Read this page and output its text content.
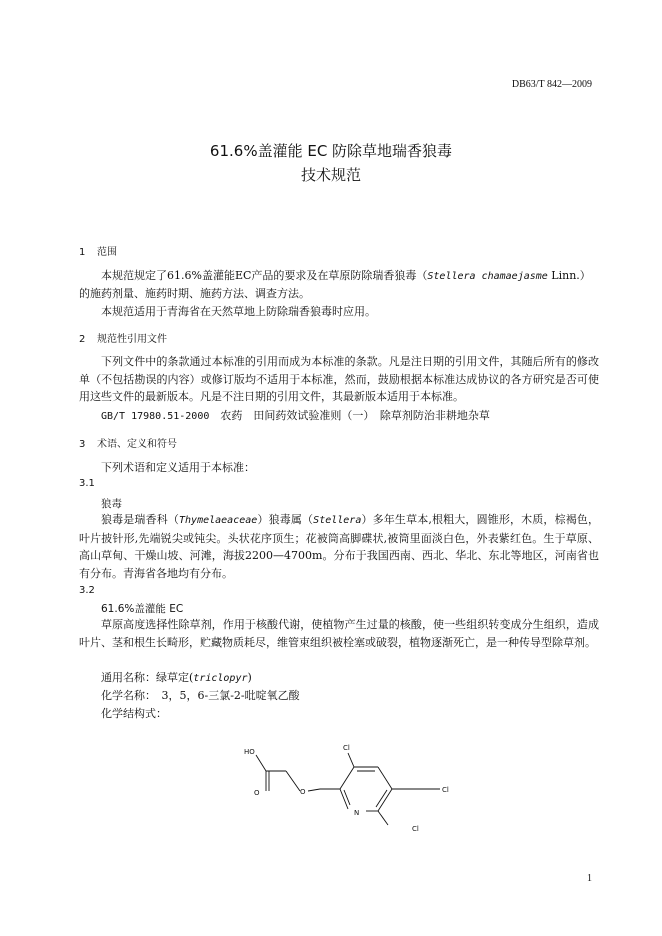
DB63/T 842—2009
61.6%盖灌能 EC 防除草地瑞香狼毒
技术规范
1 范围
本规范规定了61.6%盖灌能EC产品的要求及在草原防除瑞香狼毒（Stellera chamaejasme Linn.）
的施药剂量、施药时期、施药方法、调查方法。
本规范适用于青海省在天然草地上防除瑞香狼毒时应用。
2 规范性引用文件
下列文件中的条款通过本标准的引用而成为本标准的条款。凡是注日期的引用文件，其随后所有的修改单（不包括勘误的内容）或修订版均不适用于本标准，然而，鼓励根据本标准达成协议的各方研究是否可使用这些文件的最新版本。凡是不注日期的引用文件，其最新版本适用于本标准。
GB/T 17980.51-2000　 农药　田间药效试验准则（一）　除草剂防治非耕地杂草
3 术语、定义和符号
下列术语和定义适用于本标准：
3.1
狼毒
狼毒是瑞香科（Thymelaeaceae）狼毒属（Stellera）多年生草本,根粗大，圆锥形，木质，棕褐色，叶片披针形,先端锐尖或钝尖。头状花序顶生；花被筒高脚碟状,被筒里面淡白色，外表紫红色。生于草原、高山草甸、干燥山坡、河滩，海拔2200—4700m。分布于我国西南、西北、华北、东北等地区，河南省也有分布。青海省各地均有分布。
3.2
61.6%盖灌能 EC
草原高度选择性除草剂，作用于核酸代谢，使植物产生过量的核酸，使一些组织转变成分生组织，造成叶片、茎和根生长畸形，贮藏物质耗尽，维管束组织被栓塞或破裂，植物逐渐死亡，是一种传导型除草剂。
通用名称：绿草定(triclopyr)
化学名称：　 3，5，6-三氯-2-吡啶氧乙酸
化学结构式：
HO
O	O
N
Cl
Cl
Cl
1
